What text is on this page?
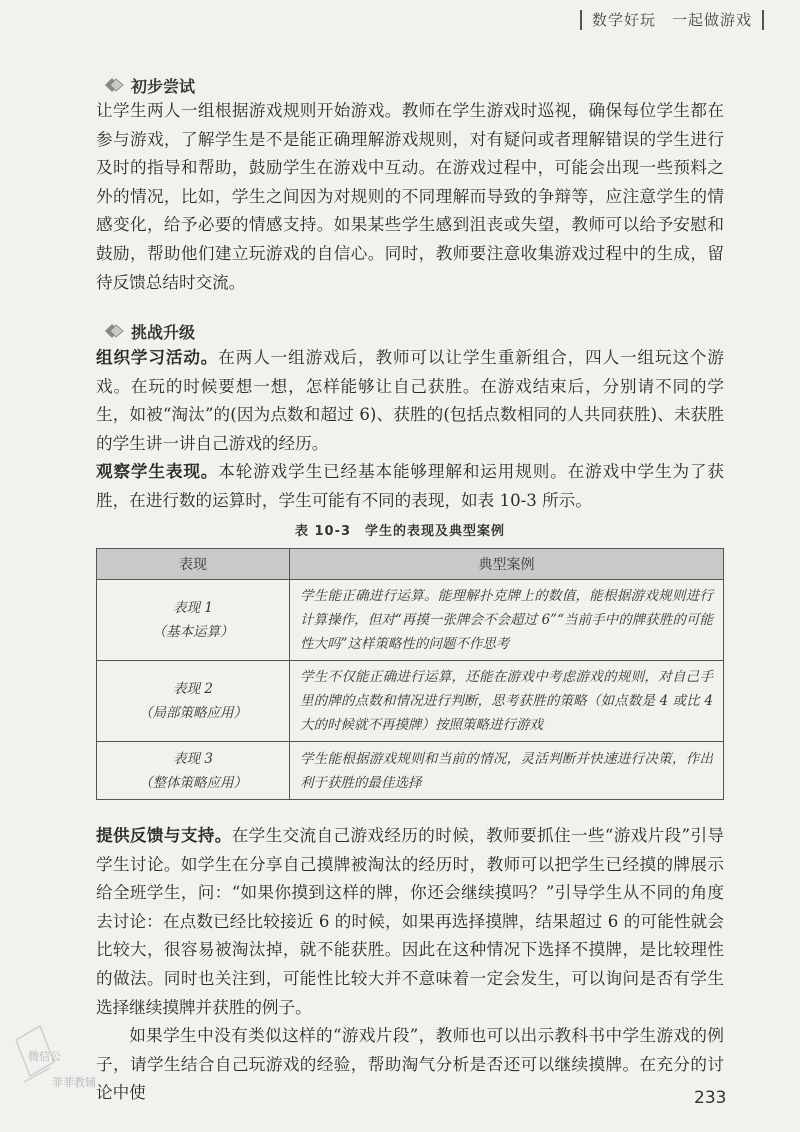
数学好玩　一起做游戏
初步尝试

让学生两人一组根据游戏规则开始游戏。教师在学生游戏时巡视，确保每位学生都在参与游戏，了解学生是不是能正确理解游戏规则，对有疑问或者理解错误的学生进行及时的指导和帮助，鼓励学生在游戏中互动。在游戏过程中，可能会出现一些预料之外的情况，比如，学生之间因为对规则的不同理解而导致的争辩等，应注意学生的情感变化，给予必要的情感支持。如果某些学生感到沮丧或失望，教师可以给予安慰和鼓励，帮助他们建立玩游戏的自信心。同时，教师要注意收集游戏过程中的生成，留待反馈总结时交流。

挑战升级

组织学习活动。在两人一组游戏后，教师可以让学生重新组合，四人一组玩这个游戏。在玩的时候要想一想，怎样能够让自己获胜。在游戏结束后，分别请不同的学生，如被“淘汰”的(因为点数和超过 6)、获胜的(包括点数相同的人共同获胜)、未获胜的学生讲一讲自己游戏的经历。

观察学生表现。本轮游戏学生已经基本能够理解和运用规则。在游戏中学生为了获胜，在进行数的运算时，学生可能有不同的表现，如表 10-3 所示。

表 10-3　学生的表现及典型案例
表现	典型案例

表现 1
（基本运算）	学生能正确进行运算。能理解扑克牌上的数值，能根据游戏规则进行计算操作，但对“再摸一张牌会不会超过 6”“当前手中的牌获胜的可能性大吗”这样策略性的问题不作思考

表现 2
（局部策略应用）	学生不仅能正确进行运算，还能在游戏中考虑游戏的规则，对自己手里的牌的点数和情况进行判断，思考获胜的策略（如点数是 4 或比 4 大的时候就不再摸牌）按照策略进行游戏

表现 3
（整体策略应用）	学生能根据游戏规则和当前的情况，灵活判断并快速进行决策，作出利于获胜的最佳选择

提供反馈与支持。在学生交流自己游戏经历的时候，教师要抓住一些“游戏片段”引导学生讨论。如学生在分享自己摸牌被淘汰的经历时，教师可以把学生已经摸的牌展示给全班学生，问：“如果你摸到这样的牌，你还会继续摸吗？”引导学生从不同的角度去讨论：在点数已经比较接近 6 的时候，如果再选择摸牌，结果超过 6 的可能性就会比较大，很容易被淘汰掉，就不能获胜。因此在这种情况下选择不摸牌，是比较理性的做法。同时也关注到，可能性比较大并不意味着一定会发生，可以询问是否有学生选择继续摸牌并获胜的例子。

如果学生中没有类似这样的“游戏片段”，教师也可以出示教科书中学生游戏的例子，请学生结合自己玩游戏的经验，帮助淘气分析是否还可以继续摸牌。在充分的讨论中使

微信公
菲菲教辅
233
